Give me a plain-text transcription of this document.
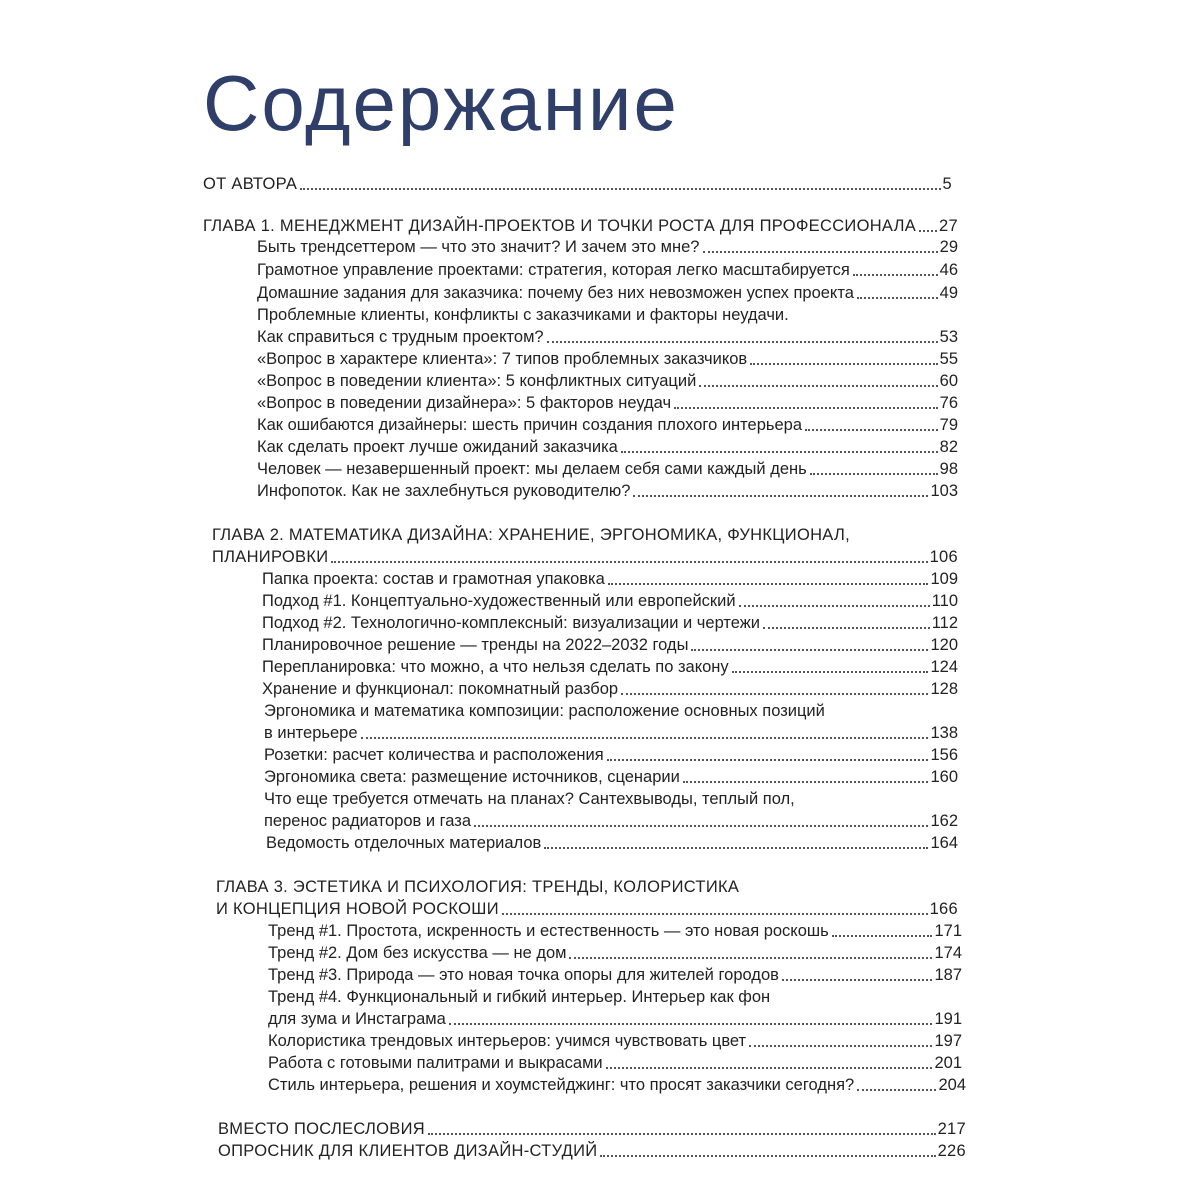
Содержание
ОТ АВТОРА	5
ГЛАВА 1. МЕНЕДЖМЕНТ ДИЗАЙН-ПРОЕКТОВ И ТОЧКИ РОСТА ДЛЯ ПРОФЕССИОНАЛА 27
Быть трендсеттером — что это значит? И зачем это мне?	29
Грамотное управление проектами: стратегия, которая легко масштабируется	46
Домашние задания для заказчика: почему без них невозможен успех проекта	49
Проблемные клиенты, конфликты с заказчиками и факторы неудачи.
Как справиться с трудным проектом?	53
«Вопрос в характере клиента»: 7 типов проблемных заказчиков	55
«Вопрос в поведении клиента»: 5 конфликтных ситуаций	60
«Вопрос в поведении дизайнера»: 5 факторов неудач	76
Как ошибаются дизайнеры: шесть причин создания плохого интерьера	79
Как сделать проект лучше ожиданий заказчика	82
Человек — незавершенный проект: мы делаем себя сами каждый день	98
Инфопоток. Как не захлебнуться руководителю?	103
ГЛАВА 2. МАТЕМАТИКА ДИЗАЙНА: ХРАНЕНИЕ, ЭРГОНОМИКА, ФУНКЦИОНАЛ,
ПЛАНИРОВКИ	106
Папка проекта: состав и грамотная упаковка	109
Подход #1. Концептуально-художественный или европейский	110
Подход #2. Технологично-комплексный: визуализации и чертежи	112
Планировочное решение — тренды на 2022–2032 годы	120
Перепланировка: что можно, а что нельзя сделать по закону	124
Хранение и функционал: покомнатный разбор	128
Эргономика и математика композиции: расположение основных позиций
в интерьере	138
Розетки: расчет количества и расположения	156
Эргономика света: размещение источников, сценарии	160
Что еще требуется отмечать на планах? Сантехвыводы, теплый пол,
перенос радиаторов и газа	162
Ведомость отделочных материалов	164
ГЛАВА 3. ЭСТЕТИКА И ПСИХОЛОГИЯ: ТРЕНДЫ, КОЛОРИСТИКА
И КОНЦЕПЦИЯ НОВОЙ РОСКОШИ	166
Тренд #1. Простота, искренность и естественность — это новая роскошь	171
Тренд #2. Дом без искусства — не дом	174
Тренд #3. Природа — это новая точка опоры для жителей городов	187
Тренд #4. Функциональный и гибкий интерьер. Интерьер как фон
для зума и Инстаграма	191
Колористика трендовых интерьеров: учимся чувствовать цвет	197
Работа с готовыми палитрами и выкрасами	201
Стиль интерьера, решения и хоумстейджинг: что просят заказчики сегодня?	204
ВМЕСТО ПОСЛЕСЛОВИЯ	217
ОПРОСНИК ДЛЯ КЛИЕНТОВ ДИЗАЙН-СТУДИЙ	226
